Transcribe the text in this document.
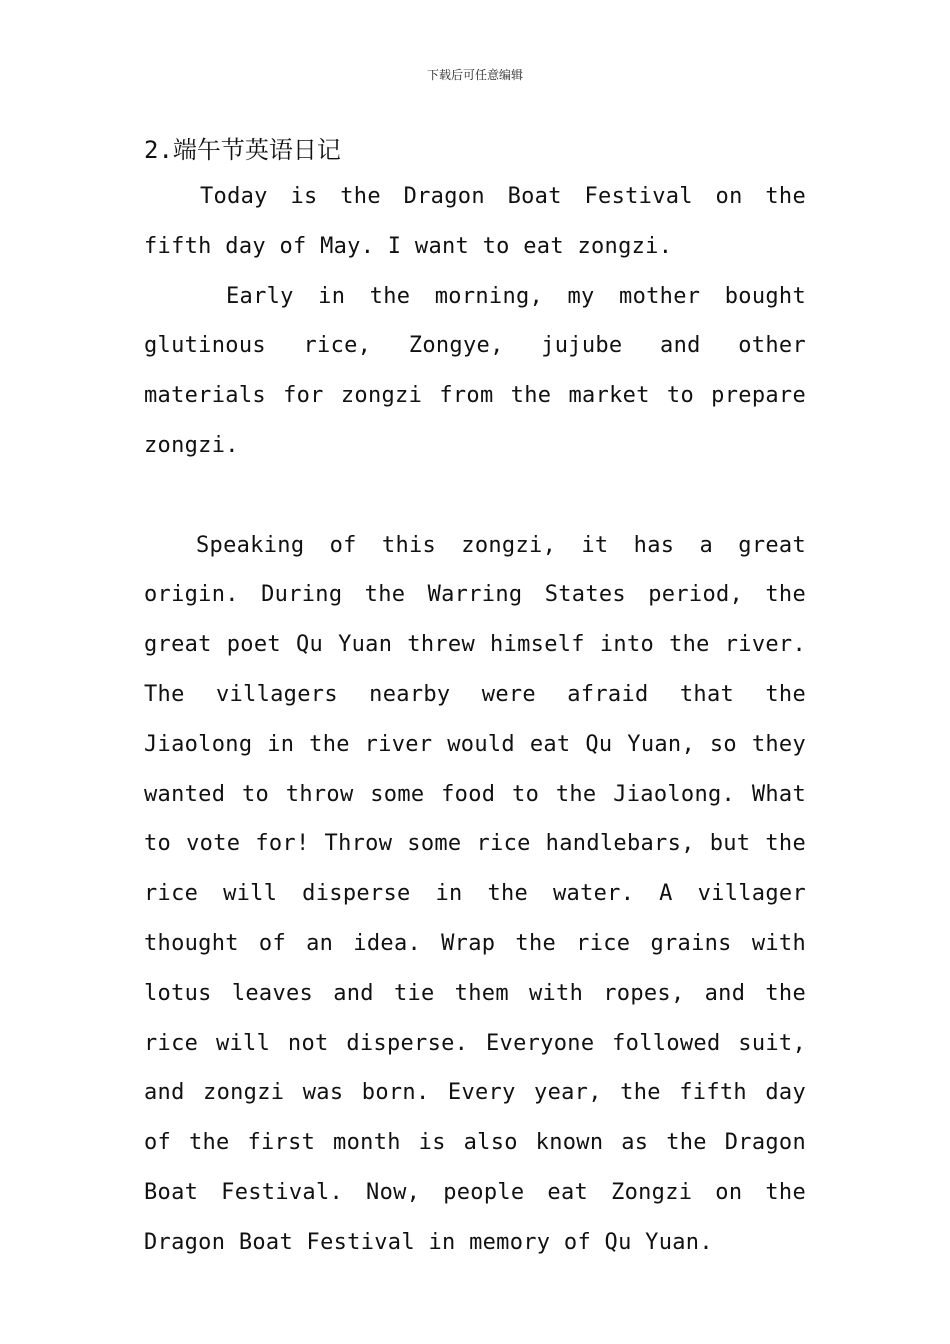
下载后可任意编辑
2.端午节英语日记

Today is the Dragon Boat Festival on the fifth day of May. I want to eat zongzi.

Early in the morning, my mother bought glutinous rice, Zongye, jujube and other materials for zongzi from the market to prepare zongzi.

Speaking of this zongzi, it has a great origin. During the Warring States period, the great poet Qu Yuan threw himself into the river. The villagers nearby were afraid that the Jiaolong in the river would eat Qu Yuan, so they wanted to throw some food to the Jiaolong. What to vote for! Throw some rice handlebars, but the rice will disperse in the water. A villager thought of an idea. Wrap the rice grains with lotus leaves and tie them with ropes, and the rice will not disperse. Everyone followed suit, and zongzi was born. Every year, the fifth day of the first month is also known as the Dragon Boat Festival. Now, people eat Zongzi on the Dragon Boat Festival in memory of Qu Yuan.
